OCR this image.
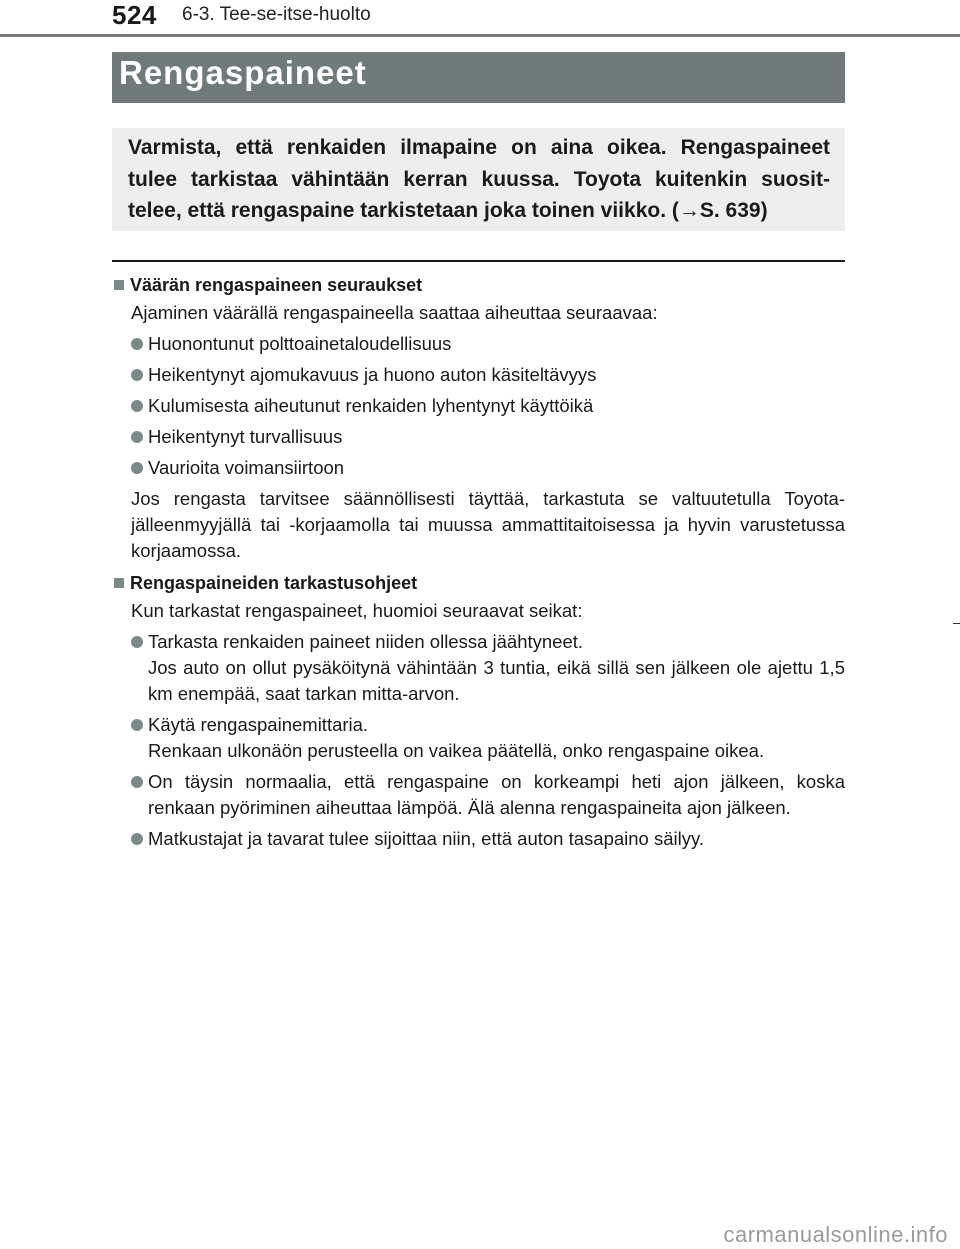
524 6-3. Tee-se-itse-huolto
Rengaspaineet
Varmista, että renkaiden ilmapaine on aina oikea. Rengaspaineet
tulee tarkistaa vähintään kerran kuussa. Toyota kuitenkin suosit-
telee, että rengaspaine tarkistetaan joka toinen viikko. (→S. 639)
Väärän rengaspaineen seuraukset
Ajaminen väärällä rengaspaineella saattaa aiheuttaa seuraavaa:
Huonontunut polttoainetaloudellisuus
Heikentynyt ajomukavuus ja huono auton käsiteltävyys
Kulumisesta aiheutunut renkaiden lyhentynyt käyttöikä
Heikentynyt turvallisuus
Vaurioita voimansiirtoon
Jos rengasta tarvitsee säännöllisesti täyttää, tarkastuta se valtuutetulla Toyota-jälleenmyyjällä tai -korjaamolla tai muussa ammattitaitoisessa ja hyvin varustetussa korjaamossa.
Rengaspaineiden tarkastusohjeet
Kun tarkastat rengaspaineet, huomioi seuraavat seikat:
Tarkasta renkaiden paineet niiden ollessa jäähtyneet.
Jos auto on ollut pysäköitynä vähintään 3 tuntia, eikä sillä sen jälkeen ole ajettu 1,5 km enempää, saat tarkan mitta-arvon.
Käytä rengaspainemittaria.
Renkaan ulkonäön perusteella on vaikea päätellä, onko rengaspaine oikea.
On täysin normaalia, että rengaspaine on korkeampi heti ajon jälkeen, koska renkaan pyöriminen aiheuttaa lämpöä. Älä alenna rengaspaineita ajon jälkeen.
Matkustajat ja tavarat tulee sijoittaa niin, että auton tasapaino säilyy.
carmanualsonline.info
